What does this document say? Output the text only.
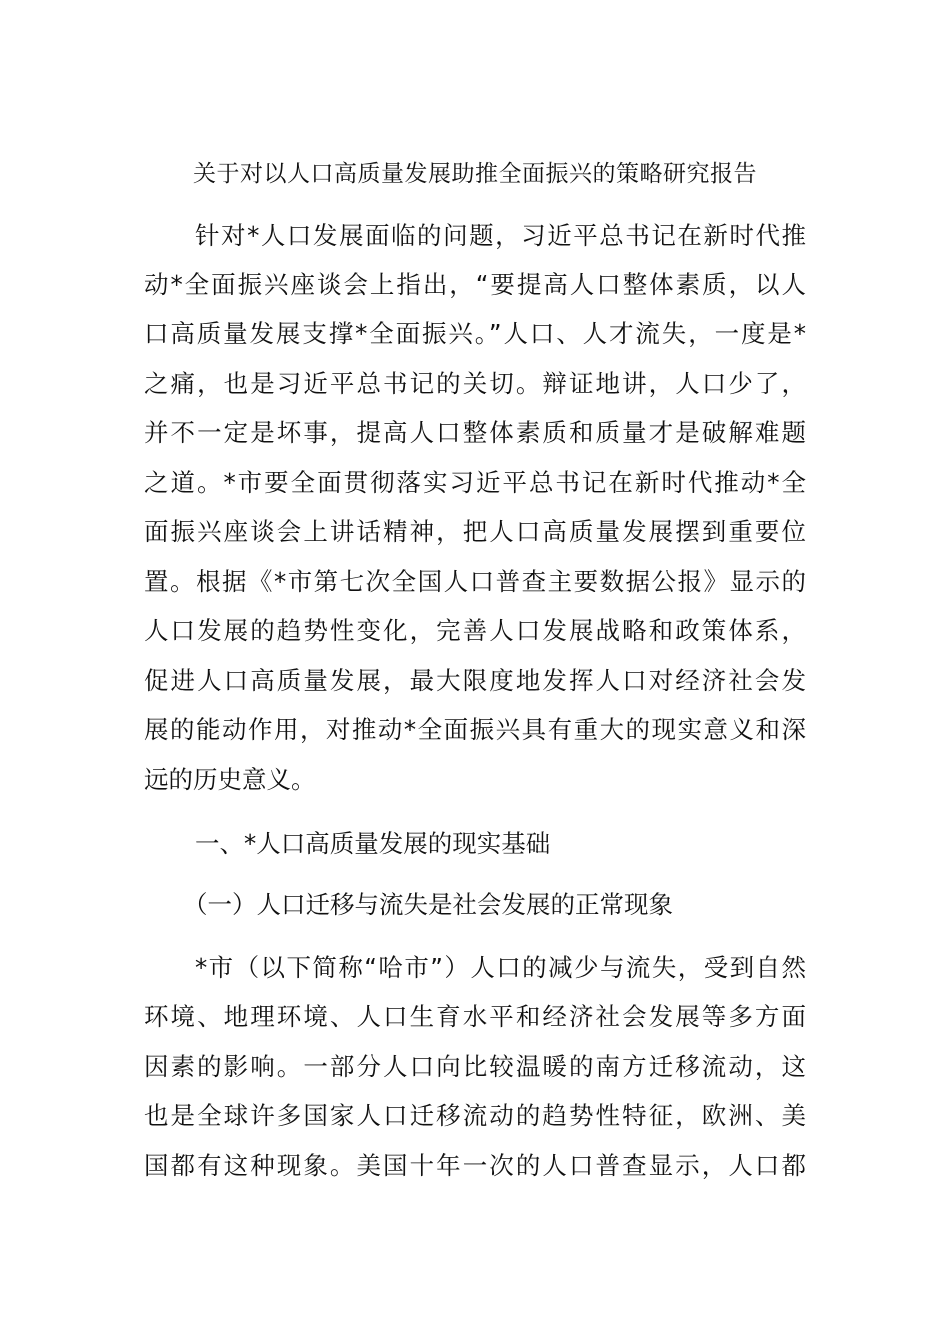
关于对以人口高质量发展助推全面振兴的策略研究报告
针对*人口发展面临的问题，习近平总书记在新时代推
动*全面振兴座谈会上指出，“要提高人口整体素质，以人
口高质量发展支撑*全面振兴。”人口、人才流失，一度是*
之痛，也是习近平总书记的关切。辩证地讲，人口少了，
并不一定是坏事，提高人口整体素质和质量才是破解难题
之道。*市要全面贯彻落实习近平总书记在新时代推动*全
面振兴座谈会上讲话精神，把人口高质量发展摆到重要位
置。根据《*市第七次全国人口普查主要数据公报》显示的
人口发展的趋势性变化，完善人口发展战略和政策体系，
促进人口高质量发展，最大限度地发挥人口对经济社会发
展的能动作用，对推动*全面振兴具有重大的现实意义和深
远的历史意义。
一、*人口高质量发展的现实基础
（一）人口迁移与流失是社会发展的正常现象
*市（以下简称“哈市”）人口的减少与流失，受到自然
环境、地理环境、人口生育水平和经济社会发展等多方面
因素的影响。一部分人口向比较温暖的南方迁移流动，这
也是全球许多国家人口迁移流动的趋势性特征，欧洲、美
国都有这种现象。美国十年一次的人口普查显示，人口都
